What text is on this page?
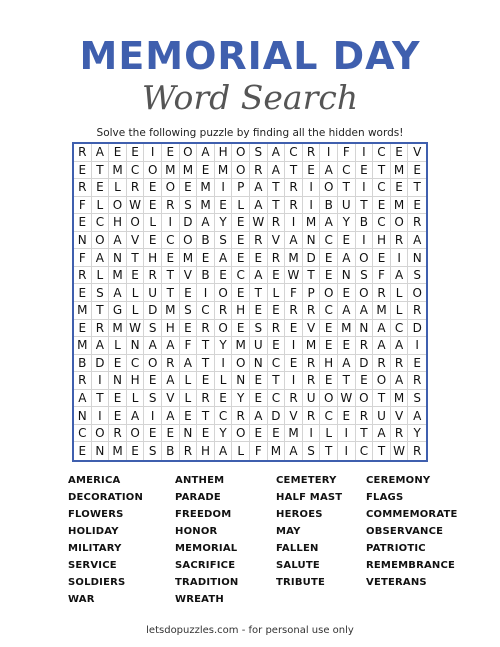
MEMORIAL DAY
Word Search
Solve the following puzzle by finding all the hidden words!
R A E E	I	E O A H O S A C R I	F	I C E V
E T M C O M M E M O R A T E A C E T M E
R E L R E O E M I	P A T R I O T	I C E T
F L O W E R S M E L A T R I B U T E M E
E C H O L	I D A Y E W R I M A Y B C O R
N O A V E C O B S E R V A N C E	I H R A
F A N T H E M E A E E R M D E A O E	I N
R L M E R T V B E C A E W T E N S F A S
E S A L U T E	I O E T L F P O E O R L O
M T G L D M S C R H E E R R C A A M L R
E R M W S H E R O E S R E V E M N A C D
M A L N A A F T Y M U E	I M E E R A A	I
B D E C O R A T	I O N C E R H A D R R E
R I N H E A L E L N E T	I R E T E O A R
A T E L S V L R E Y E C R U O W O T M S
N I	E A I A E T C R A D V R C E R U V A
C O R O E E N E Y O E E M I	L	I	T A R Y
E N M E S B R H A L F M A S T	I C T W R
AMERICA
DECORATION
FLOWERS
HOLIDAY
MILITARY
SERVICE
SOLDIERS
WAR
ANTHEM
PARADE
FREEDOM
HONOR
MEMORIAL
SACRIFICE
TRADITION
WREATH
CEMETERY
HALF MAST
HEROES
MAY
FALLEN
SALUTE
TRIBUTE
CEREMONY
FLAGS
COMMEMORATE
OBSERVANCE
PATRIOTIC
REMEMBRANCE
VETERANS
letsdopuzzles.com - for personal use only
